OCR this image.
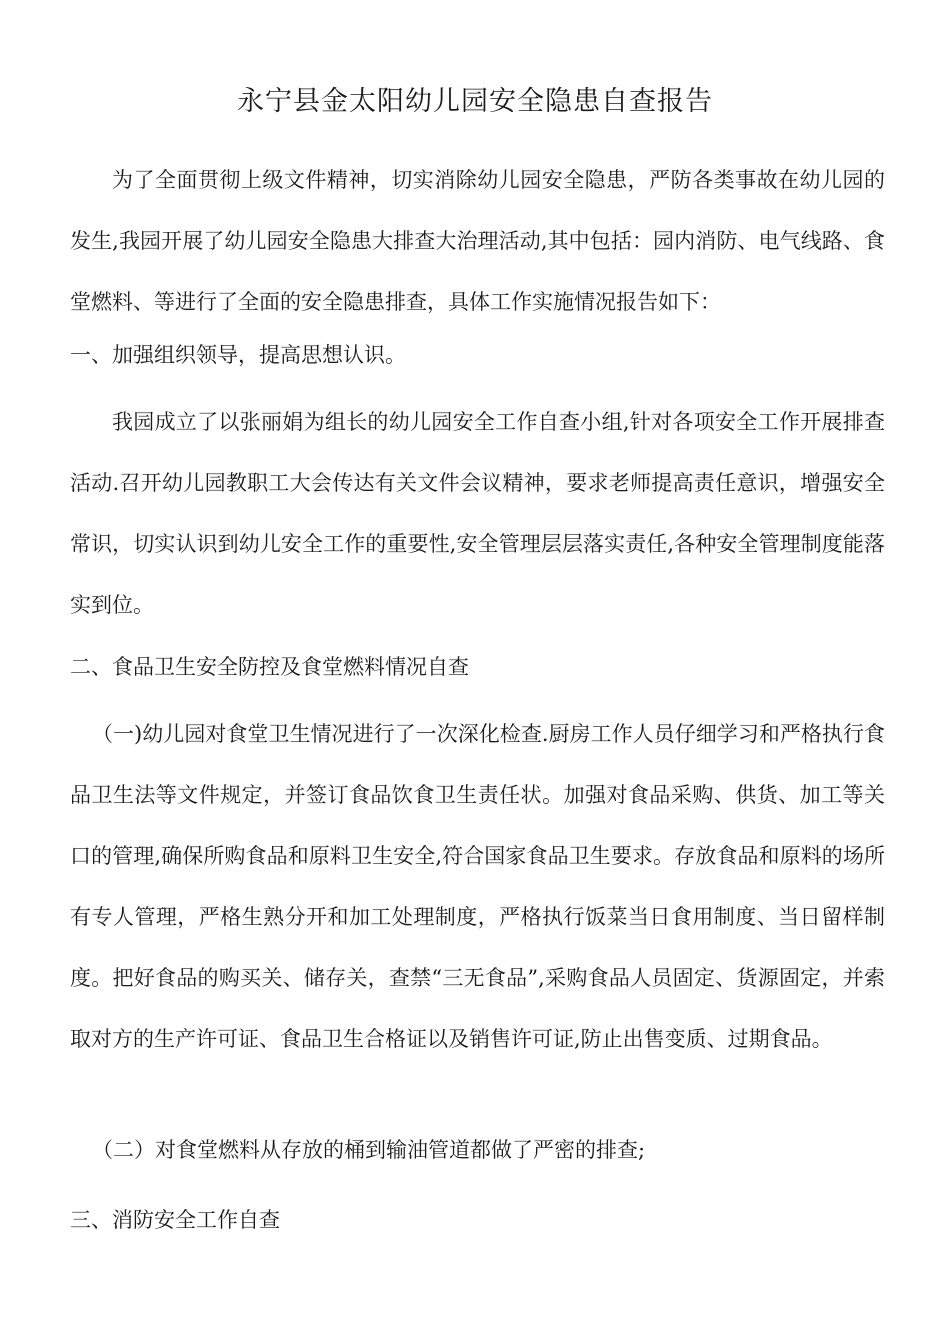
永宁县金太阳幼儿园安全隐患自查报告

为了全面贯彻上级文件精神，切实消除幼儿园安全隐患，严防各类事故在幼儿园的发生,我园开展了幼儿园安全隐患大排查大治理活动,其中包括：园内消防、电气线路、食堂燃料、等进行了全面的安全隐患排查，具体工作实施情况报告如下：

一、加强组织领导，提高思想认识。

我园成立了以张丽娟为组长的幼儿园安全工作自查小组,针对各项安全工作开展排查活动.召开幼儿园教职工大会传达有关文件会议精神，要求老师提高责任意识，增强安全常识，切实认识到幼儿安全工作的重要性,安全管理层层落实责任,各种安全管理制度能落实到位。

二、食品卫生安全防控及食堂燃料情况自查

（一)幼儿园对食堂卫生情况进行了一次深化检查.厨房工作人员仔细学习和严格执行食品卫生法等文件规定，并签订食品饮食卫生责任状。加强对食品采购、供货、加工等关口的管理,确保所购食品和原料卫生安全,符合国家食品卫生要求。存放食品和原料的场所有专人管理，严格生熟分开和加工处理制度，严格执行饭菜当日食用制度、当日留样制度。把好食品的购买关、储存关，查禁“三无食品”,采购食品人员固定、货源固定，并索取对方的生产许可证、食品卫生合格证以及销售许可证,防止出售变质、过期食品。

（二）对食堂燃料从存放的桶到输油管道都做了严密的排查;

三、消防安全工作自查
